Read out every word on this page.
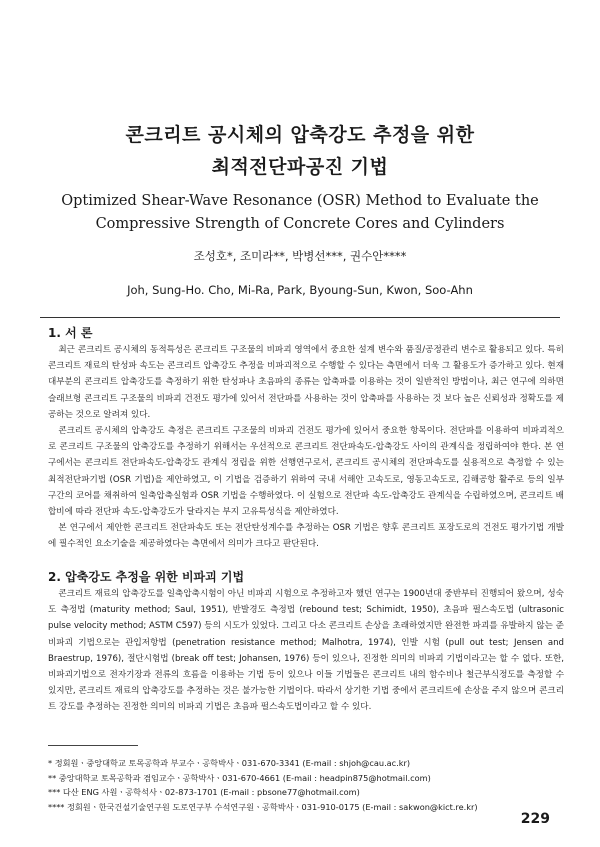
콘크리트 공시체의 압축강도 추정을 위한
최적전단파공진 기법
Optimized Shear-Wave Resonance (OSR) Method to Evaluate the
Compressive Strength of Concrete Cores and Cylinders
조성호*, 조미라**, 박병선***, 권수안****
Joh, Sung-Ho. Cho, Mi-Ra, Park, Byoung-Sun, Kwon, Soo-Ahn
1. 서 론

최근 콘크리트 공시체의 동적특성은 콘크리트 구조물의 비파괴 영역에서 중요한 설계 변수와 품질/공정관리 변수로 활용되고 있다. 특히 콘크리트 재료의 탄성파 속도는 콘크리트 압축강도 추정을 비파괴적으로 수행할 수 있다는 측면에서 더욱 그 활용도가 증가하고 있다. 현재 대부분의 콘크리트 압축강도를 측정하기 위한 탄성파나 초음파의 종류는 압축파를 이용하는 것이 일반적인 방법이나, 최근 연구에 의하면 슬래브형 콘크리트 구조물의 비파괴 건전도 평가에 있어서 전단파를 사용하는 것이 압축파를 사용하는 것 보다 높은 신뢰성과 정확도를 제공하는 것으로 알려져 있다.

콘크리트 공시체의 압축강도 측정은 콘크리트 구조물의 비파괴 건전도 평가에 있어서 중요한 항목이다. 전단파를 이용하여 비파괴적으로 콘크리트 구조물의 압축강도를 추정하기 위해서는 우선적으로 콘크리트 전단파속도-압축강도 사이의 관계식을 정립하여야 한다. 본 연구에서는 콘크리트 전단파속도-압축강도 관계식 정립을 위한 선행연구로서, 콘크리트 공시체의 전단파속도를 실용적으로 측정할 수 있는 최적전단파기법 (OSR 기법)을 제안하였고, 이 기법을 검증하기 위하여 국내 서해안 고속도로, 영동고속도로, 김해공항 활주로 등의 일부 구간의 코어를 채취하여 일축압축실험과 OSR 기법을 수행하였다. 이 실험으로 전단파 속도-압축강도 관계식을 수립하였으며, 콘크리트 배합비에 따라 전단파 속도-압축강도가 달라지는 부지 고유특성식을 제안하였다.

본 연구에서 제안한 콘크리트 전단파속도 또는 전단탄성계수를 추정하는 OSR 기법은 향후 콘크리트 포장도로의 건전도 평가기법 개발에 필수적인 요소기술을 제공하였다는 측면에서 의미가 크다고 판단된다.

2. 압축강도 추정을 위한 비파괴 기법

콘크리트 재료의 압축강도를 일축압축시험이 아닌 비파괴 시험으로 추정하고자 했던 연구는 1900년대 중반부터 진행되어 왔으며, 성숙도 측정법 (maturity method; Saul, 1951), 반발경도 측정법 (rebound test; Schimidt, 1950), 초음파 펄스속도법 (ultrasonic pulse velocity method; ASTM C597) 등의 시도가 있었다. 그리고 다소 콘크리트 손상을 초래하였지만 완전한 파괴를 유발하지 않는 준비파괴 기법으로는 관입저항법 (penetration resistance method; Malhotra, 1974), 인발 시험 (pull out test; Jensen and Braestrup, 1976), 절단시험법 (break off test; Johansen, 1976) 등이 있으나, 진정한 의미의 비파괴 기법이라고는 할 수 없다. 또한, 비파괴기법으로 전자기장과 전류의 흐름을 이용하는 기법 등이 있으나 이들 기법들은 콘크리트 내의 함수비나 철근부식정도를 측정할 수 있지만, 콘크리트 재료의 압축강도를 추정하는 것은 불가능한 기법이다. 따라서 상기한 기법 중에서 콘크리트에 손상을 주지 않으며 콘크리트 강도를 추정하는 진정한 의미의 비파괴 기법은 초음파 펄스속도법이라고 할 수 있다.

* 정회원ㆍ중앙대학교 토목공학과 부교수ㆍ공학박사ㆍ031-670-3341 (E-mail : shjoh@cau.ac.kr)
** 중앙대학교 토목공학과 겸임교수ㆍ공학박사ㆍ031-670-4661 (E-mail : headpin875@hotmail.com)
*** 다산 ENG 사원ㆍ공학석사ㆍ02-873-1701 (E-mail : pbsone77@hotmail.com)
**** 정회원ㆍ한국건설기술연구원 도로연구부 수석연구원ㆍ공학박사ㆍ031-910-0175 (E-mail : sakwon@kict.re.kr)
229
